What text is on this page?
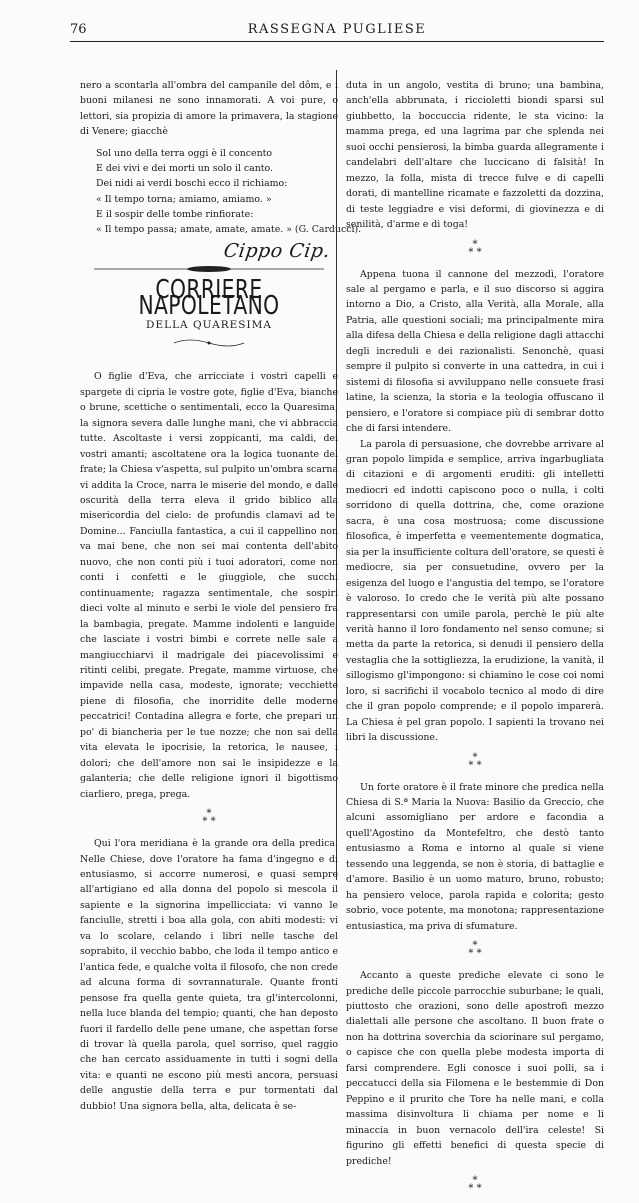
76	RASSEGNA PUGLIESE

nero a scontarla all'ombra del campanile del dôm, e i buoni milanesi ne sono innamorati. A voi pure, o lettori, sia propizia di amore la primavera, la stagione di Venere; giacchè

Sol uno della terra oggi è il concento
E dei vivi e dei morti un solo il canto.
Dei nidi ai verdi boschi ecco il richiamo:
« Il tempo torna; amiamo, amiamo. »
E il sospir delle tombe rinfiorate:
« Il tempo passa; amate, amate, amate. » (G. Carducci).
Cippo Cip.
CORRIERE NAPOLETANO
DELLA QUARESIMA

O figlie d'Eva, che arricciate i vostri capelli e spargete di cipria le vostre gote, figlie d'Eva, bianche o brune, scettiche o sentimentali, ecco la Quaresima, la signora severa dalle lunghe mani, che vi abbraccia tutte. Ascoltaste i versi zoppicanti, ma caldi, dei vostri amanti; ascoltatene ora la logica tuonante del frate; la Chiesa v'aspetta, sul pulpito un'ombra scarna vi addita la Croce, narra le miserie del mondo, e dalle oscurità della terra eleva il grido biblico alla misericordia del cielo: de profundis clamavi ad te, Domine... Fanciulla fantastica, a cui il cappellino non va mai bene, che non sei mai contenta dell'abito nuovo, che non conti più i tuoi adoratori, come non conti i confetti e le giuggiole, che succhi continuamente; ragazza sentimentale, che sospiri dieci volte al minuto e serbi le viole del pensiero fra la bambagia, pregate. Mamme indolenti e languide, che lasciate i vostri bimbi e correte nelle sale a mangiucchiarvi il madrigale dei piacevolissimi e ritinti celibi, pregate. Pregate, mamme virtuose, che impavide nella casa, modeste, ignorate; vecchiette piene di filosofia, che inorridite delle moderne peccatrici! Contadina allegra e forte, che prepari un po' di biancheria per le tue nozze; che non sai della vita elevata le ipocrisie, la retorica, le nausee, i dolori; che dell'amore non sai le insipidezze e la galanteria; che delle religione ignori il bigottismo ciarliero, prega, prega.

*
* *

Qui l'ora meridiana è la grande ora della predica. Nelle Chiese, dove l'oratore ha fama d'ingegno e di entusiasmo, si accorre numerosi, e quasi sempre all'artigiano ed alla donna del popolo si mescola il sapiente e la signorina impellicciata: vi vanno le fanciulle, stretti i boa alla gola, con abiti modesti: vi va lo scolare, celando i libri nelle tasche del soprabito, il vecchio babbo, che loda il tempo antico e l'antica fede, e qualche volta il filosofo, che non crede ad alcuna forma di sovrannaturale. Quante fronti pensose fra quella gente quieta, tra gl'intercolonni, nella luce blanda del tempio; quanti, che han deposto fuori il fardello delle pene umane, che aspettan forse di trovar là quella parola, quel sorriso, quel raggio che han cercato assiduamente in tutti i sogni della vita: e quanti ne escono più mesti ancora, persuasi delle angustie della terra e pur tormentati dal dubbio! Una signora bella, alta, delicata è se-

duta in un angolo, vestita di bruno; una bambina, anch'ella abbrunata, i riccioletti biondi sparsi sul giubbetto, la boccuccia ridente, le sta vicino: la mamma prega, ed una lagrima par che splenda nei suoi occhi pensierosi, la bimba guarda allegramente i candelabri dell'altare che luccicano di falsità! In mezzo, la folla, mista di trecce fulve e di capelli dorati, di mantelline ricamate e fazzoletti da dozzina, di teste leggiadre e visi deformi, di giovinezza e di senilità, d'arme e di toga!

*
* *

Appena tuona il cannone del mezzodì, l'oratore sale al pergamo e parla, e il suo discorso si aggira intorno a Dio, a Cristo, alla Verità, alla Morale, alla Patria, alle questioni sociali; ma principalmente mira alla difesa della Chiesa e della religione dagli attacchi degli increduli e dei razionalisti. Senonchè, quasi sempre il pulpito si converte in una cattedra, in cui i sistemi di filosofia si avviluppano nelle consuete frasi latine, la scienza, la storia e la teologia offuscano il pensiero, e l'oratore si compiace più di sembrar dotto che di farsi intendere.

La parola di persuasione, che dovrebbe arrivare al gran popolo limpida e semplice, arriva ingarbugliata di citazioni e di argomenti eruditi: gli intelletti mediocri ed indotti capiscono poco o nulla, i colti sorridono di quella dottrina, che, come orazione sacra, è una cosa mostruosa; come discussione filosofica, è imperfetta e veementemente dogmatica, sia per la insufficiente coltura dell'oratore, se questi è mediocre, sia per consuetudine, ovvero per la esigenza del luogo e l'angustia del tempo, se l'oratore è valoroso. Io credo che le verità più alte possano rappresentarsi con umile parola, perchè le più alte verità hanno il loro fondamento nel senso comune; si metta da parte la retorica, si denudi il pensiero della vestaglia che la sottigliezza, la erudizione, la vanità, il sillogismo gl'impongono: si chiamino le cose coi nomi loro, si sacrifichi il vocabolo tecnico al modo di dire che il gran popolo comprende; e il popolo imparerà. La Chiesa è pel gran popolo. I sapienti la trovano nei libri la discussione.

*
* *

Un forte oratore è il frate minore che predica nella Chiesa di S.ª Maria la Nuova: Basilio da Greccio, che alcuni assomigliano per ardore e facondia a quell'Agostino da Montefeltro, che destò tanto entusiasmo a Roma e intorno al quale si viene tessendo una leggenda, se non è storia, di battaglie e d'amore. Basilio è un uomo maturo, bruno, robusto; ha pensiero veloce, parola rapida e colorita; gesto sobrio, voce potente, ma monotona; rappresentazione entusiastica, ma priva di sfumature.

*
* *

Accanto a queste prediche elevate ci sono le prediche delle piccole parrocchie suburbane; le quali, piuttosto che orazioni, sono delle apostrofi mezzo dialettali alle persone che ascoltano. Il buon frate o non ha dottrina soverchia da sciorinare sul pergamo, o capisce che con quella plebe modesta importa di farsi comprendere. Egli conosce i suoi polli, sa i peccatucci della sia Filomena e le bestemmie di Don Peppino e il prurito che Tore ha nelle mani, e colla massima disinvoltura li chiama per nome e li minaccia in buon vernacolo dell'ira celeste! Si figurino gli effetti benefici di questa specie di prediche!

*
* *
